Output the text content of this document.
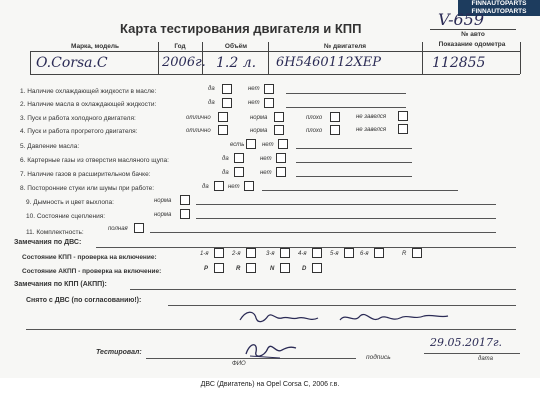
FINNAUTOPARTS
FINNAUTOPARTS
Карта тестирования двигателя и КПП	V-659
№ авто
Марка, модель	Год	Объём	№ двигателя	Показание одометра
O.Corsa.C	2006г. 1.2 л. 6H5460112XEP	112855
1. Наличие охлаждающей жидкости в масле:	да	нет
2. Наличие масла в охлаждающей жидкости:	да	нет
3. Пуск и работа холодного двигателя:	отлично	норма	плохо	не завелся
4. Пуск и работа прогретого двигателя:	отлично	норма	плохо	не завелся
5. Давление масла:	есть	нет
6. Картерные газы из отверстия масляного щупа:	да	нет
7. Наличие газов в расширительном бачке:	да	нет
8. Посторонние стуки или шумы при работе:	да	нет
9. Дымность и цвет выхлопа:	норма
10. Состояние сцепления:	норма
11. Комплектность:	полная
Замечания по ДВС:
Состояние КПП - проверка на включение:	1-я	2-я	3-я	4-я	5-я	6-я	R
Состояние АКПП - проверка на включение:	P	R	N	D
Замечания по КПП (АКПП):
Снято с ДВС (по согласованию!):
Тестировал:
ФИО
подпись	дата
29.05.2017г.
ДВС (Двигатель) на Opel Corsa C, 2006 г.в.
